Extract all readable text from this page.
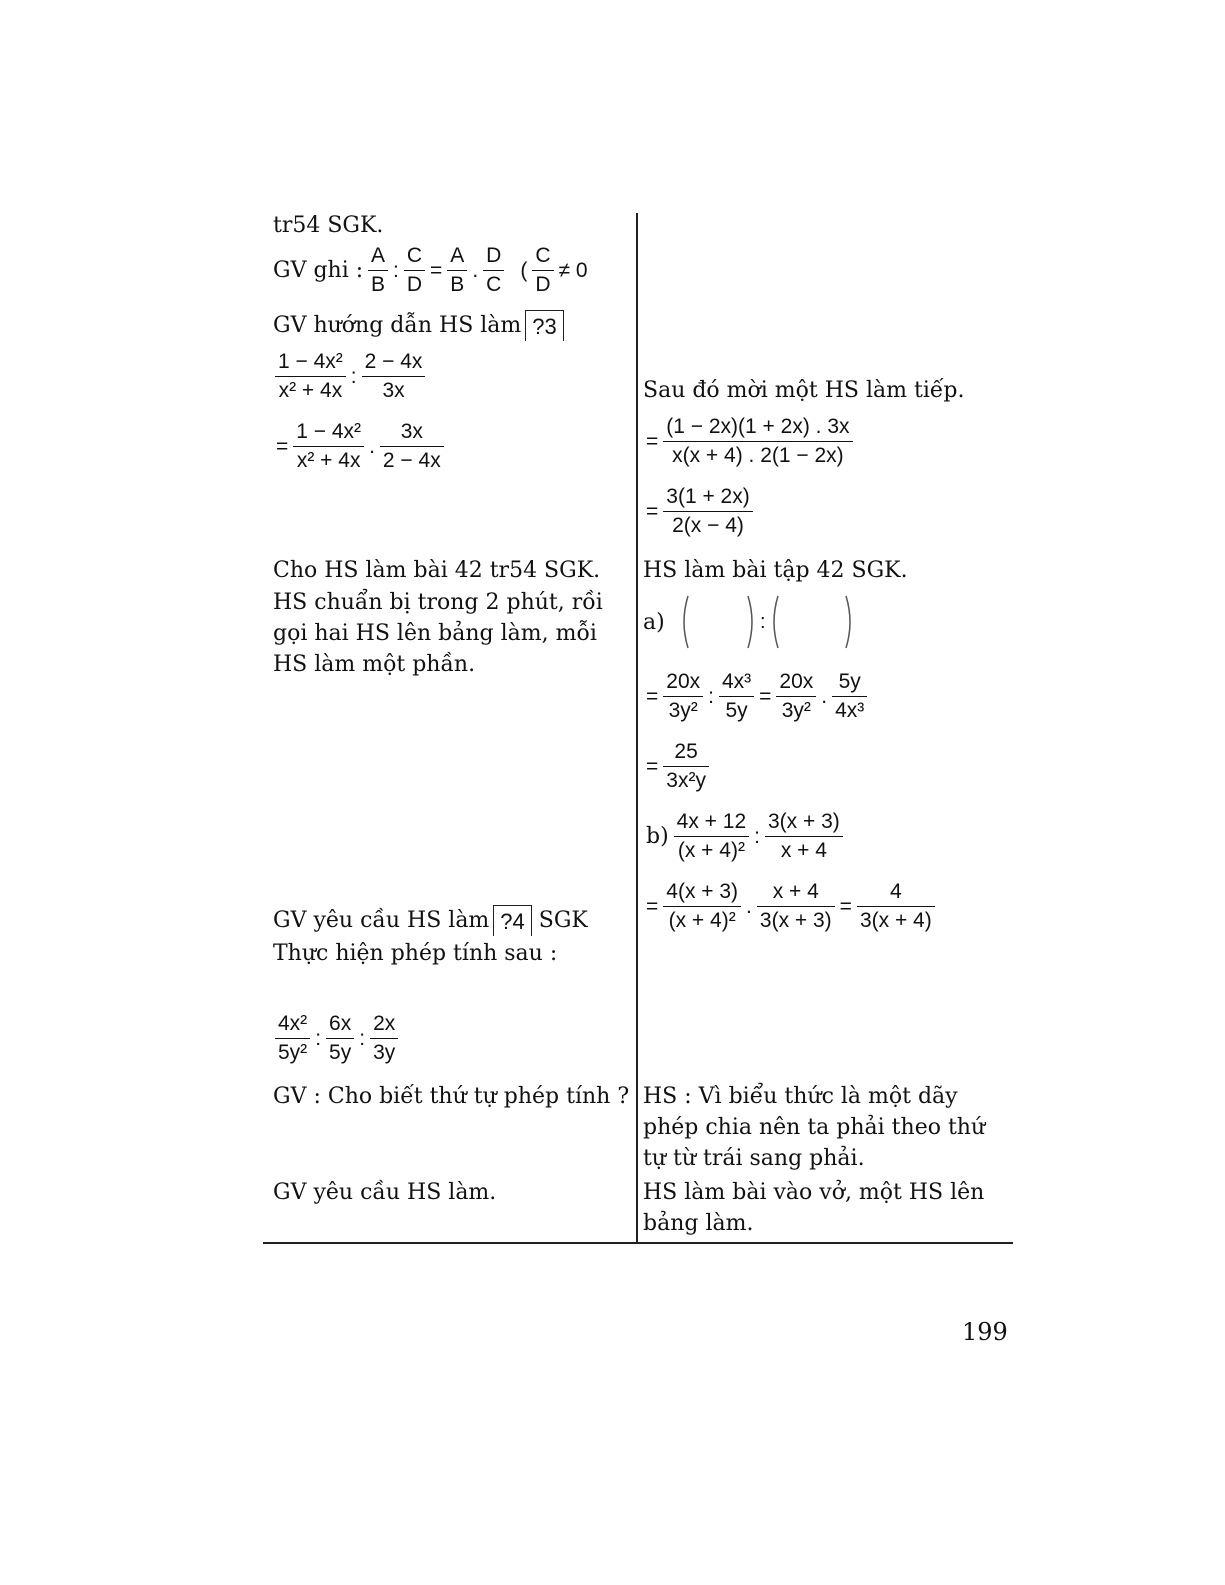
tr54 SGK.
GV ghi : $\frac{A}{B}$ : $\frac{C}{D} = \frac{A}{B}$ . $\frac{D}{C}$ ( $\frac{C}{D} \ne 0$
GV hướng dẫn HS làm ?3
$\frac{\text{1 − 4x²}}{\text{x² + 4x}}$ : $\frac{2 - 4x}{3x}$
= $\frac{\text{1 − 4x²}}{\text{x² + 4x}}$ . $\frac{3x}{2 - 4x}$
Cho HS làm bài 42 tr54 SGK.
HS chuẩn bị trong 2 phút, rồi
gọi hai HS lên bảng làm, mỗi
HS làm một phần.
GV yêu cầu HS làm ?4 SGK
Thực hiện phép tính sau :
$\frac{\text{4x²}}{\text{5y²}}$ : $\frac{6x}{5y}$ : $\frac{2x}{3y}$
GV : Cho biết thứ tự phép tính ?
GV yêu cầu HS làm.
Sau đó mời một HS làm tiếp.
= $\frac{(1 - 2x)(1 + 2x) . 3x}{x(x + 4) . 2(1 - 2x)}$
= $\frac{3(1 + 2x)}{2(x - 4)}$
HS làm bài tập 42 SGK.
a)	:
= $\frac{20x}{\text{3y²}}$ : $\frac{\text{4x³}}{5y} = \frac{20x}{\text{3y²}}$ . $\frac{5y}{\text{4x³}}$
= $\frac{25}{\text{3x²y}}$
$b) \frac{4x + 12}{\text{(x + 4)²}}$ : $\frac{3(x + 3)}{x + 4}$
= $\frac{4(x + 3)}{\text{(x + 4)²}}$ . $\frac{x + 4}{3(x + 3)} = \frac{4}{3(x + 4)}$
HS : Vì biểu thức là một dãy
phép chia nên ta phải theo thứ
tự từ trái sang phải.
HS làm bài vào vở, một HS lên
bảng làm.
199
